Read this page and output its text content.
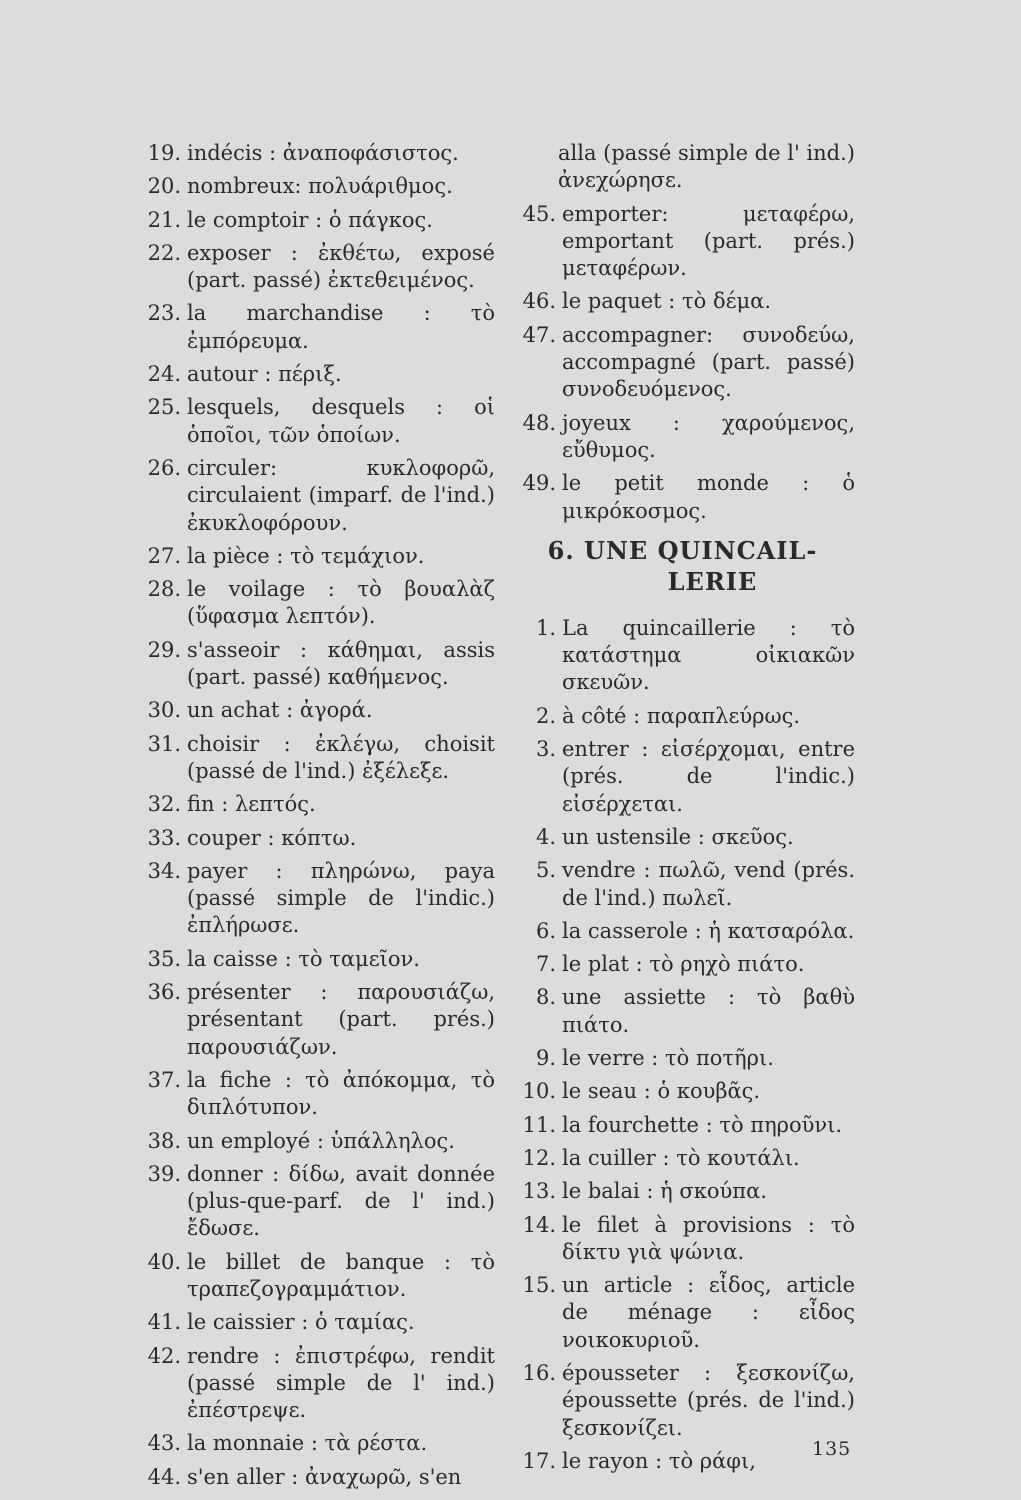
19. indécis : ἀναποφάσιστος.
20. nombreux: πολυάριθμος.
21. le comptoir : ὁ πάγκος.
22. exposer : ἐκθέτω, exposé (part. passé) ἐκτεθειμένος.
23. la marchandise : τὸ ἐμπόρευμα.
24. autour : πέριξ.
25. lesquels, desquels : οἱ ὁποῖοι, τῶν ὁποίων.
26. circuler: κυκλοφορῶ, circulaient (imparf. de l'ind.) ἐκυκλοφόρουν.
27. la pièce : τὸ τεμάχιον.
28. le voilage : τὸ βουαλὰζ (ὕφασμα λεπτόν).
29. s'asseoir : κάθημαι, assis (part. passé) καθήμενος.
30. un achat : ἀγορά.
31. choisir : ἐκλέγω, choisit (passé de l'ind.) ἐξέλεξε.
32. fin : λεπτός.
33. couper : κόπτω.
34. payer : πληρώνω, paya (passé simple de l'indic.) ἐπλήρωσε.
35. la caisse : τὸ ταμεῖον.
36. présenter : παρουσιάζω, présentant (part. prés.) παρουσιάζων.
37. la fiche : τὸ ἀπόκομμα, τὸ διπλότυπον.
38. un employé : ὑπάλληλος.
39. donner : δίδω, avait donnée (plus-que-parf. de l' ind.) ἔδωσε.
40. le billet de banque : τὸ τραπεζογραμμάτιον.
41. le caissier : ὁ ταμίας.
42. rendre : ἐπιστρέφω, rendit (passé simple de l' ind.) ἐπέστρεψε.
43. la monnaie : τὰ ρέστα.
44. s'en aller : ἀναχωρῶ, s'en
alla (passé simple de l' ind.) ἀνεχώρησε.
45. emporter: μεταφέρω, emportant (part. prés.) μεταφέρων.
46. le paquet : τὸ δέμα.
47. accompagner: συνοδεύω, accompagné (part. passé) συνοδευόμενος.
48. joyeux : χαρούμενος, εὔθυμος.
49. le petit monde : ὁ μικρόκοσμος.
6. UNE QUINCAIL-
LERIE
1. La quincaillerie : τὸ κατάστημα οἰκιακῶν σκευῶν.
2. à côté : παραπλεύρως.
3. entrer : εἰσέρχομαι, entre (prés. de l'indic.) εἰσέρχεται.
4. un ustensile : σκεῦος.
5. vendre : πωλῶ, vend (prés. de l'ind.) πωλεῖ.
6. la casserole : ἡ κατσαρόλα.
7. le plat : τὸ ρηχὸ πιάτο.
8. une assiette : τὸ βαθὺ πιάτο.
9. le verre : τὸ ποτῆρι.
10. le seau : ὁ κουβᾶς.
11. la fourchette : τὸ πηροῦνι.
12. la cuiller : τὸ κουτάλι.
13. le balai : ἡ σκούπα.
14. le filet à provisions : τὸ δίκτυ γιὰ ψώνια.
15. un article : εἶδος, article de ménage : εἶδος νοικοκυριοῦ.
16. épousseter : ξεσκονίζω, époussette (prés. de l'ind.) ξεσκονίζει.
17. le rayon : τὸ ράφι,	135
